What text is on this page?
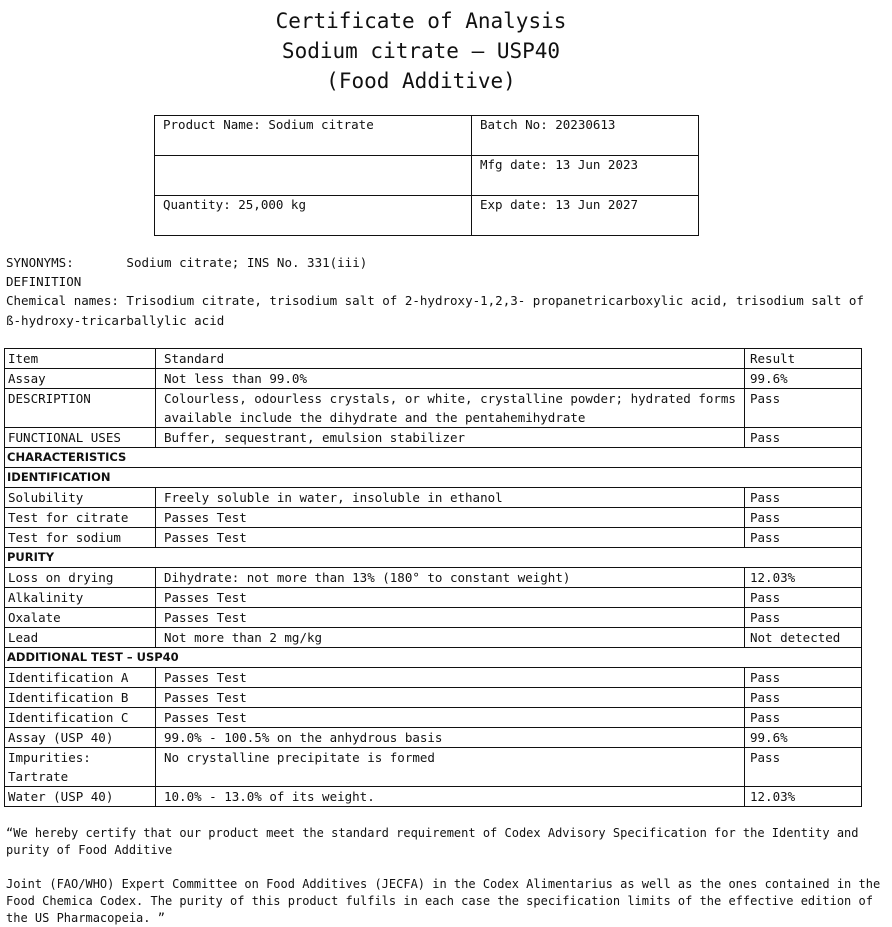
Certificate of Analysis
Sodium citrate – USP40
(Food Additive)
Product Name: Sodium citrate	Batch No: 20230613
	Mfg date: 13 Jun 2023
Quantity: 25,000 kg	Exp date: 13 Jun 2027
SYNONYMS:	Sodium citrate; INS No. 331(iii)
DEFINITION
Chemical names: Trisodium citrate, trisodium salt of 2-hydroxy-1,2,3- propanetricarboxylic acid, trisodium salt of ß-hydroxy-tricarballylic acid
Item	Standard	Result
Assay	Not less than 99.0%	99.6%
DESCRIPTION	Colourless, odourless crystals, or white, crystalline powder; hydrated forms available include the dihydrate and the pentahemihydrate	Pass
FUNCTIONAL USES	Buffer, sequestrant, emulsion stabilizer	Pass
CHARACTERISTICS		
IDENTIFICATION		
Solubility	Freely soluble in water, insoluble in ethanol	Pass
Test for citrate	Passes Test	Pass
Test for sodium	Passes Test	Pass
PURITY		
Loss on drying	Dihydrate: not more than 13% (180° to constant weight)	12.03%
Alkalinity	Passes Test	Pass
Oxalate	Passes Test	Pass
Lead	Not more than 2 mg/kg	Not detected
ADDITIONAL TEST – USP40		
Identification A	Passes Test	Pass
Identification B	Passes Test	Pass
Identification C	Passes Test	Pass
Assay (USP 40)	99.0% - 100.5% on the anhydrous basis	99.6%
Impurities: Tartrate	No crystalline precipitate is formed	Pass
Water (USP 40)	10.0% - 13.0% of its weight.	12.03%
“We hereby certify that our product meet the standard requirement of Codex Advisory Specification for the Identity and purity of Food Additive
Joint (FAO/WHO) Expert Committee on Food Additives (JECFA) in the Codex Alimentarius as well as the ones contained in the Food Chemica Codex. The purity of this product fulfils in each case the specification limits of the effective edition of the US Pharmacopeia. ”
